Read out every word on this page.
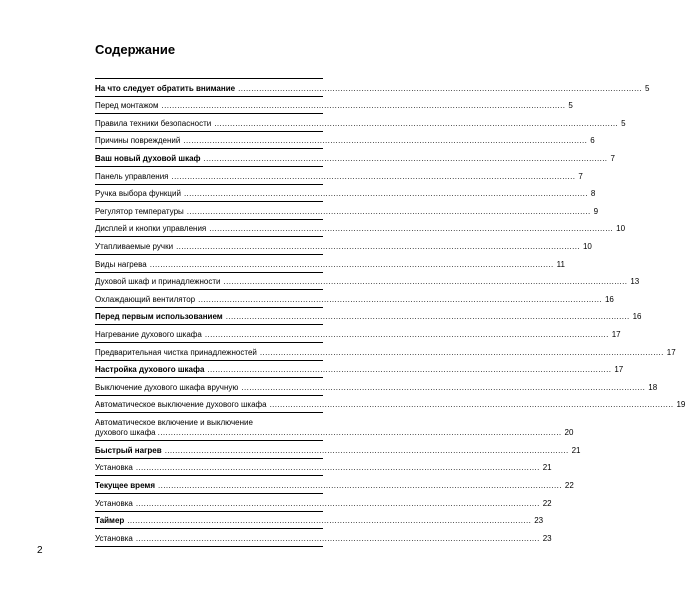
Содержание
На что следует обратить внимание .....	5
Перед монтажом .....	5
Правила техники безопасности .....	5
Причины повреждений .....	6
Ваш новый духовой шкаф .....	7
Панель управления .....	7
Ручка выбора функций .....	8
Регулятор температуры .....	9
Дисплей и кнопки управления .....	10
Утапливаемые ручки .....	10
Виды нагрева .....	11
Духовой шкаф и принадлежности .....	13
Охлаждающий вентилятор .....	16
Перед первым использованием .....	16
Нагревание духового шкафа .....	17
Предварительная чистка принадлежностей .....	17
Настройка духового шкафа .....	17
Выключение духового шкафа вручную .....	18
Автоматическое выключение духового шкафа .....	19
Автоматическое включение и выключение
духового шкафа .....	20
Быстрый нагрев .....	21
Установка .....	21
Текущее время .....	22
Установка .....	22
Таймер .....	23
Установка .....	23

2
